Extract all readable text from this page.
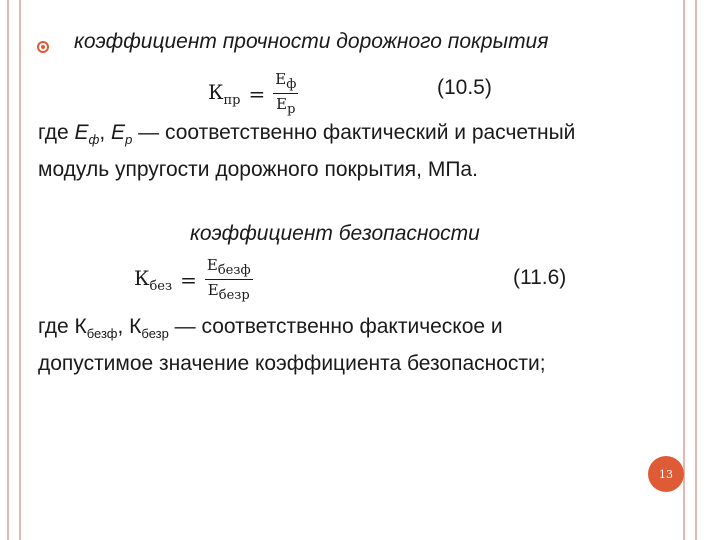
коэффициент прочности дорожного покрытия
$К_{пр} = \frac{Е_ф}{Е_р}$	(10.5)
где $Е_ф$, $Е_р$ — соответственно фактический и расчетный
модуль упругости дорожного покрытия, МПа.
коэффициент безопасности
$К_{без} = \frac{Е_{безф}}{Е_{безр}}$	(11.6)
где $К_{безф}$, $К_{безр}$ — соответственно фактическое и
допустимое значение коэффициента безопасности;
13
